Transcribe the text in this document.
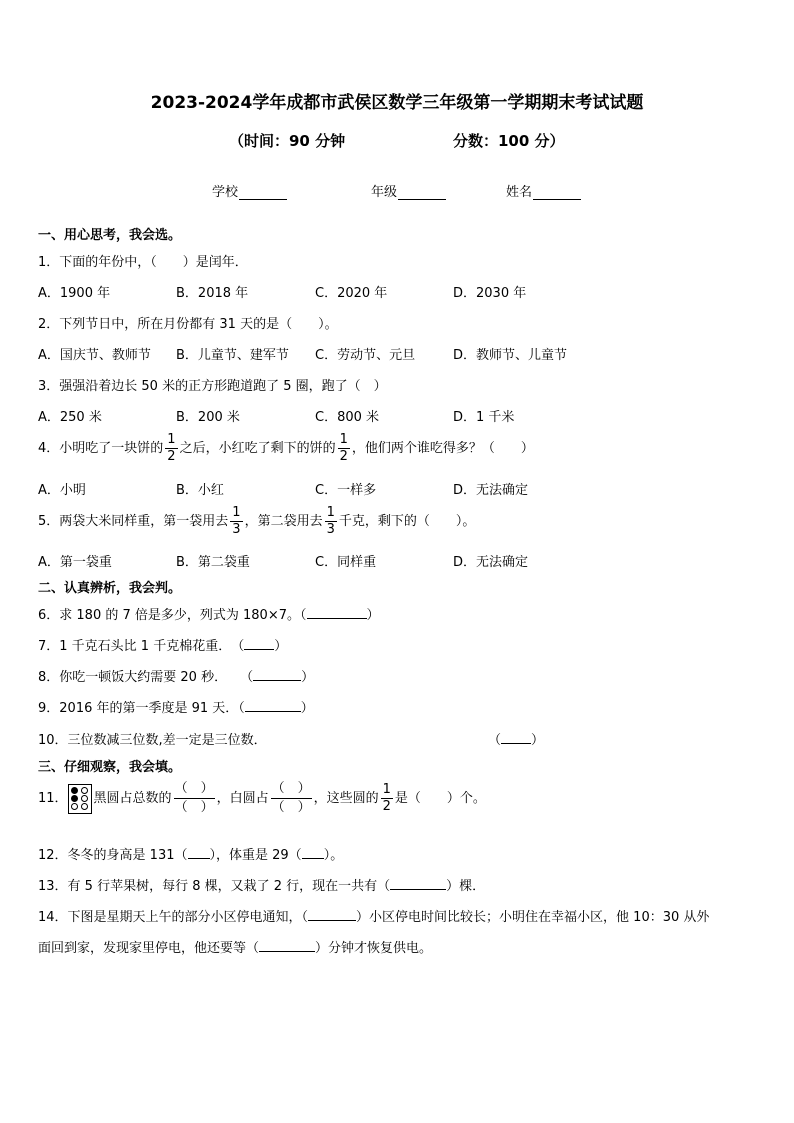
2023-2024学年成都市武侯区数学三年级第一学期期末考试试题
（时间：90 分钟	分数：100 分）
学校	年级	姓名
一、用心思考，我会选。
1．下面的年份中，（　　）是闰年．
A．1900 年	B．2018 年	C．2020 年	D．2030 年
2．下列节日中，所在月份都有 31 天的是（　　）。
A．国庆节、教师节 B．儿童节、建军节 C．劳动节、元旦	D．教师节、儿童节
3．强强沿着边长 50 米的正方形跑道跑了 5 圈，跑了（　）
A．250 米	B．200 米	C．800 米	D．1 千米
4．小明吃了一块饼的 $\frac{1}{2}$ 之后，小红吃了剩下的饼的 $\frac{1}{2}$ ，他们两个谁吃得多？（　　）
A．小明	B．小红	C．一样多	D．无法确定
5．两袋大米同样重，第一袋用去 $\frac{1}{3}$ ，第二袋用去 $\frac{1}{3}$ 千克，剩下的（　　）。
A．第一袋重	B．第二袋重	C．同样重	D．无法确定
二、认真辨析，我会判。
6．求 180 的 7 倍是多少，列式为 180×7。（	）
7．1 千克石头比 1 千克棉花重．　（ ）
8．你吃一顿饭大约需要 20 秒．　　（	）
9．2016 年的第一季度是 91 天．（	）
10．三位数减三位数,差一定是三位数．	（ ）
三、仔细观察，我会填。
11． 黑圆占总数的 $\frac{( )}{( )}$ ，白圆占 $\frac{( )}{( )}$ ，这些圆的 $\frac{1}{2}$ 是（　　）个。
12．冬冬的身高是 131（ ），体重是 29（ ）。
13．有 5 行苹果树，每行 8 棵，又栽了 2 行，现在一共有（	）棵．
14．下图是星期天上午的部分小区停电通知，（	）小区停电时间比较长；小明住在幸福小区，他 10：30 从外
面回到家，发现家里停电，他还要等（	）分钟才恢复供电。
